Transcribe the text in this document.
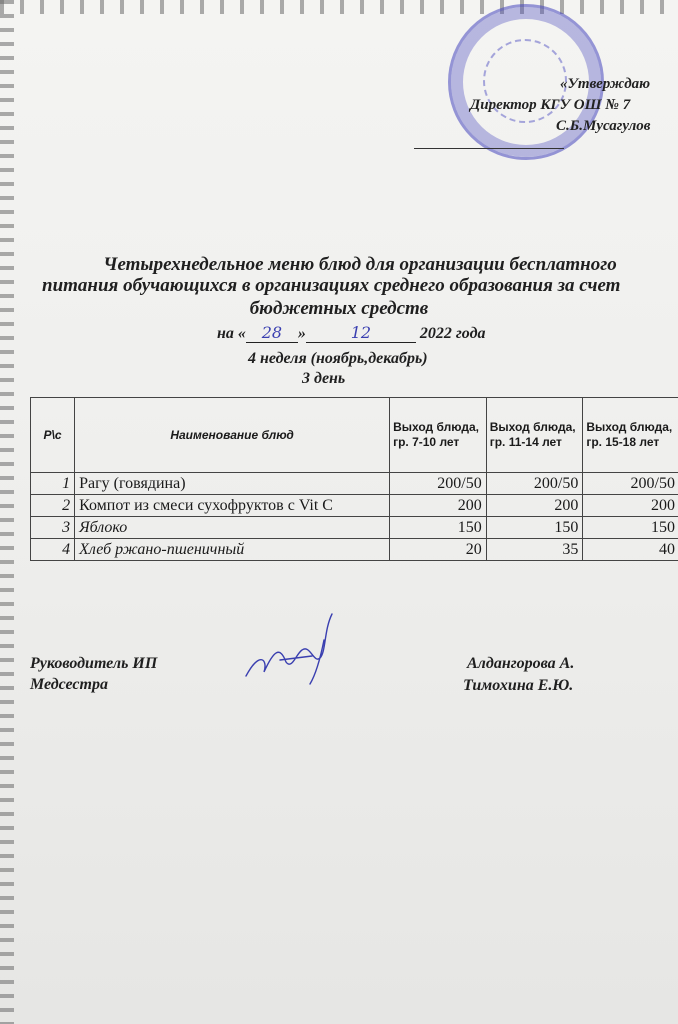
«Утверждаю
Директор КГУ ОШ № 7
С.Б.Мусагулов
Четырехнедельное меню блюд для организации бесплатного
питания обучающихся в организациях среднего образования за счет
бюджетных средств
на « 28 »	12	2022 года
4 неделя (ноябрь,декабрь)
3 день
Р\с	Наименование блюд	Выход блюда, гр. 7-10 лет	Выход блюда, гр. 11-14 лет	Выход блюда, гр. 15-18 лет
1	Рагу (говядина)	200/50	200/50	200/50
2	Компот из смеси сухофруктов с Vit C	200	200	200
3	Яблоко	150	150	150
4	Хлеб ржано-пшеничный	20	35	40
Руководитель ИП	Алдангорова А.
Медсестра	Тимохина Е.Ю.
